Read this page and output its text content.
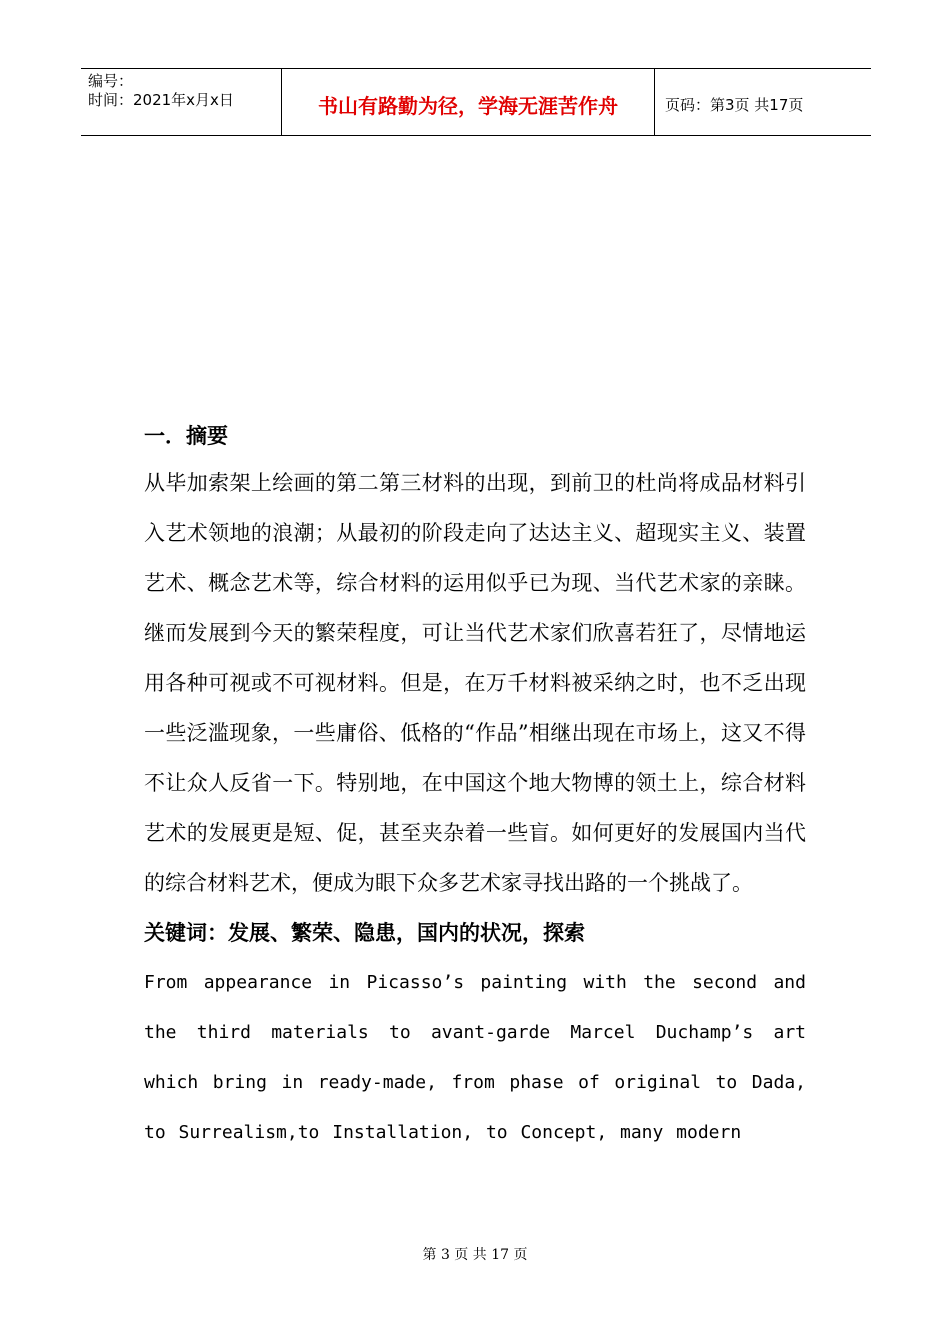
编号：
时间：2021年x月x日	书山有路勤为径，学海无涯苦作舟	页码：第3页 共17页
一．摘要

从毕加索架上绘画的第二第三材料的出现，到前卫的杜尚将成品材料引入艺术领地的浪潮；从最初的阶段走向了达达主义、超现实主义、装置艺术、概念艺术等，综合材料的运用似乎已为现、当代艺术家的亲睐。继而发展到今天的繁荣程度，可让当代艺术家们欣喜若狂了，尽情地运用各种可视或不可视材料。但是，在万千材料被采纳之时，也不乏出现一些泛滥现象，一些庸俗、低格的“作品”相继出现在市场上，这又不得不让众人反省一下。特别地，在中国这个地大物博的领土上，综合材料艺术的发展更是短、促，甚至夹杂着一些盲。如何更好的发展国内当代的综合材料艺术，便成为眼下众多艺术家寻找出路的一个挑战了。

关键词：发展、繁荣、隐患，国内的状况，探索

From appearance in Picasso’s painting with the second and the third materials to avant-garde Marcel Duchamp’s art which bring in ready-made, from phase of original to Dada, to Surrealism,to Installation, to Concept, many modern

第 3 页 共 17 页
